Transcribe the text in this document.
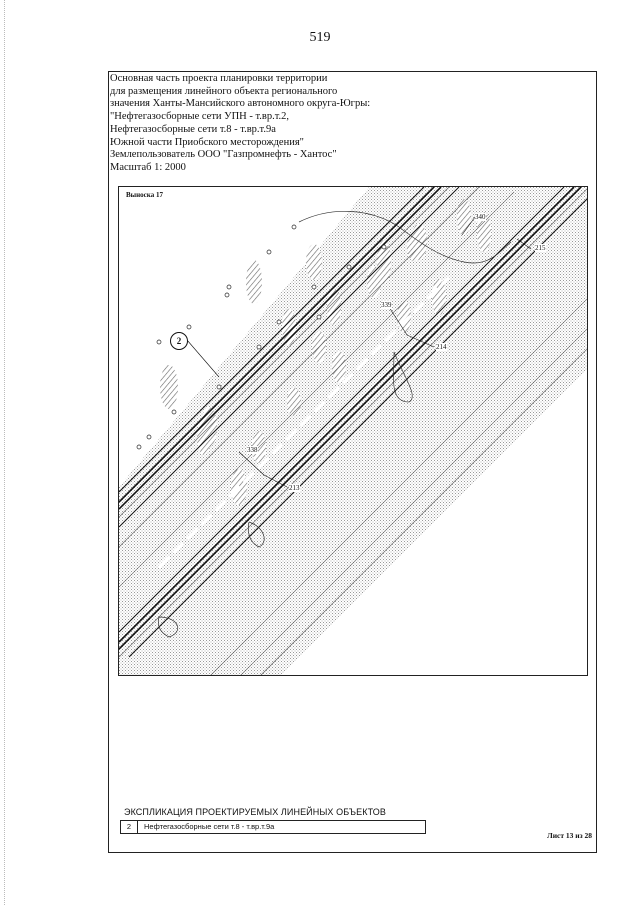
519
Основная часть проекта планировки территории
для размещения линейного объекта регионального
значения Ханты-Мансийского автономного округа-Югры:
"Нефтегазосборные сети УПН - т.вр.т.2,
Нефтегазосборные сети т.8 - т.вр.т.9а
Южной части Приобского месторождения"
Землепользователь ООО "Газпромнефть - Хантос"
Масштаб 1: 2000
Выноска 17
2
340
215
339
214
338
213
ЭКСПЛИКАЦИЯ ПРОЕКТИРУЕМЫХ ЛИНЕЙНЫХ ОБЪЕКТОВ
2	Нефтегазосборные сети т.8 - т.вр.т.9а
Лист 13 из 28
